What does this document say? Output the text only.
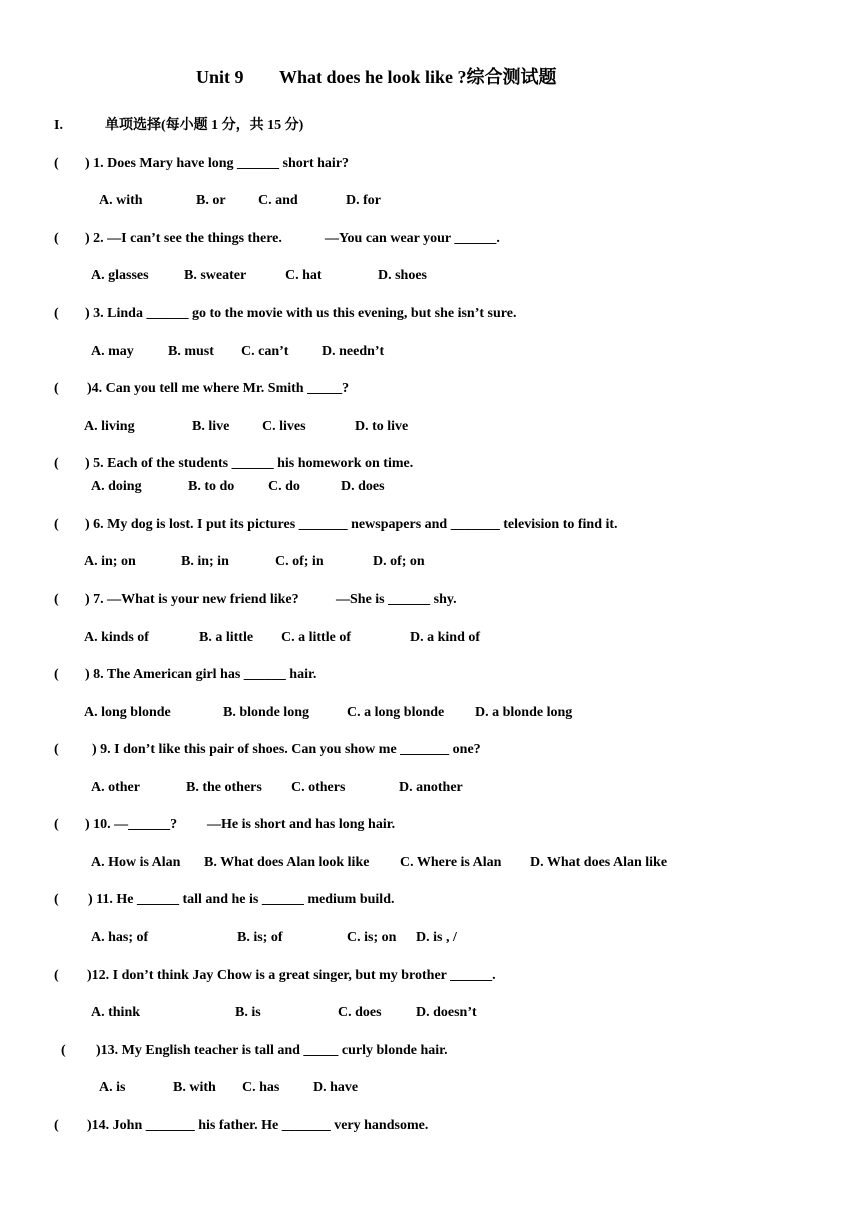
Unit 9 What does he look like ?综合测试题
I.	单项选择(每小题 1 分，共 15 分)
( ) 1. Does Mary have long ______ short hair?
A. with	B. or C. and	D. for
( ) 2. —I can’t see the things there.	—You can wear your ______.
A. glasses	B. sweater	C. hat	D. shoes
( ) 3. Linda ______ go to the movie with us this evening, but she isn’t sure.
A. may B. must C. can’t D. needn’t
( )4. Can you tell me where Mr. Smith _____?
A. living	B. live C. lives	D. to live
( ) 5. Each of the students ______ his homework on time.
A. doing	B. to do C. do	D. does
( ) 6. My dog is lost. I put its pictures _______ newspapers and _______ television to find it.
A. in; on	B. in; in	C. of; in	D. of; on
( ) 7. —What is your new friend like?	—She is ______ shy.
A. kinds of	B. a little C. a little of	D. a kind of
( ) 8. The American girl has ______ hair.
A. long blonde	B. blonde long	C. a long blonde D. a blonde long
( ) 9. I don’t like this pair of shoes. Can you show me _______ one?
A. other	B. the others C. others	D. another
( ) 10. —______? —He is short and has long hair.
A. How is Alan B. What does Alan look like C. Where is Alan D. What does Alan like
( ) 11. He ______ tall and he is ______ medium build.
A. has; of	B. is; of	C. is; on D. is , /
( )12. I don’t think Jay Chow is a great singer, but my brother ______.
A. think	B. is	C. does D. doesn’t
( )13. My English teacher is tall and _____ curly blonde hair.
A. is	B. with C. has D. have
( )14. John _______ his father. He _______ very handsome.
